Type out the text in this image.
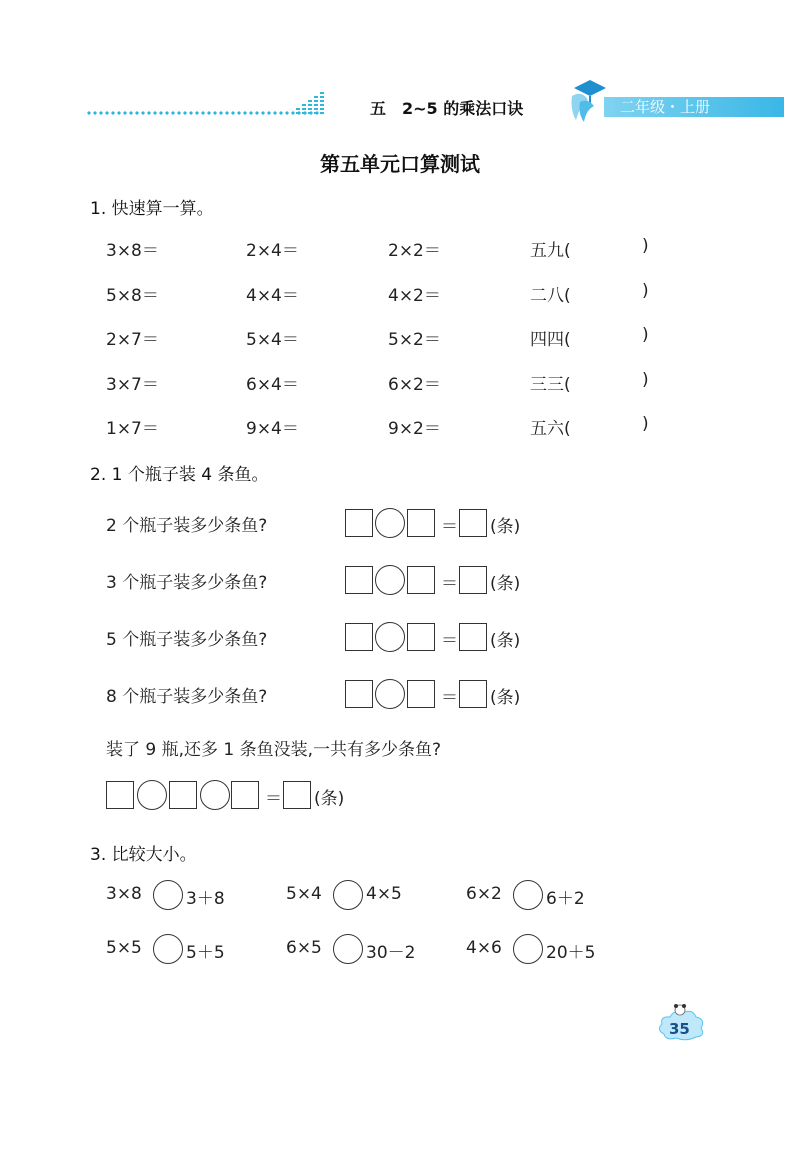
五　2~5 的乘法口诀	二年级・上册
第五单元口算测试
1. 快速算一算。
3×8＝	2×4＝	2×2＝	五九(	)
5×8＝	4×4＝	4×2＝	二八(	)
2×7＝	5×4＝	5×2＝	四四(	)
3×7＝	6×4＝	6×2＝	三三(	)
1×7＝	9×4＝	9×2＝	五六(	)
2. 1 个瓶子装 4 条鱼。
2 个瓶子装多少条鱼?	＝ (条)
3 个瓶子装多少条鱼?	＝ (条)
5 个瓶子装多少条鱼?	＝ (条)
8 个瓶子装多少条鱼?	＝ (条)
装了 9 瓶,还多 1 条鱼没装,一共有多少条鱼?
＝ (条)
3. 比较大小。
3×8	3＋8	5×4	4×5	6×2	6＋2
5×5	5＋5	6×5	30－2	4×6	20＋5
35
